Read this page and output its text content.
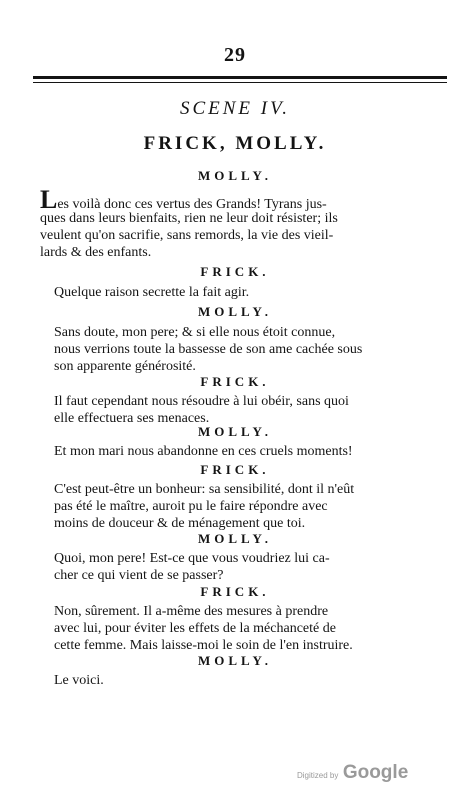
29
SCENE IV.
FRICK, MOLLY.
MOLLY.
Les voilà donc ces vertus des Grands! Tyrans jus-
ques dans leurs bienfaits, rien ne leur doit résister; ils
veulent qu'on sacrifie, sans remords, la vie des vieil-
lards & des enfants.
FRICK.
Quelque raison secrette la fait agir.
MOLLY.
Sans doute, mon pere; & si elle nous étoit connue,
nous verrions toute la bassesse de son ame cachée sous
son apparente générosité.
FRICK.
Il faut cependant nous résoudre à lui obéir, sans quoi
elle effectuera ses menaces.
MOLLY.
Et mon mari nous abandonne en ces cruels moments!
FRICK.
C'est peut-être un bonheur: sa sensibilité, dont il n'eût
pas été le maître, auroit pu le faire répondre avec
moins de douceur & de ménagement que toi.
MOLLY.
Quoi, mon pere! Est-ce que vous voudriez lui ca-
cher ce qui vient de se passer?
FRICK.
Non, sûrement. Il a-même des mesures à prendre
avec lui, pour éviter les effets de la méchanceté de
cette femme. Mais laisse-moi le soin de l'en instruire.
MOLLY.
Le voici.
Digitized by Google
